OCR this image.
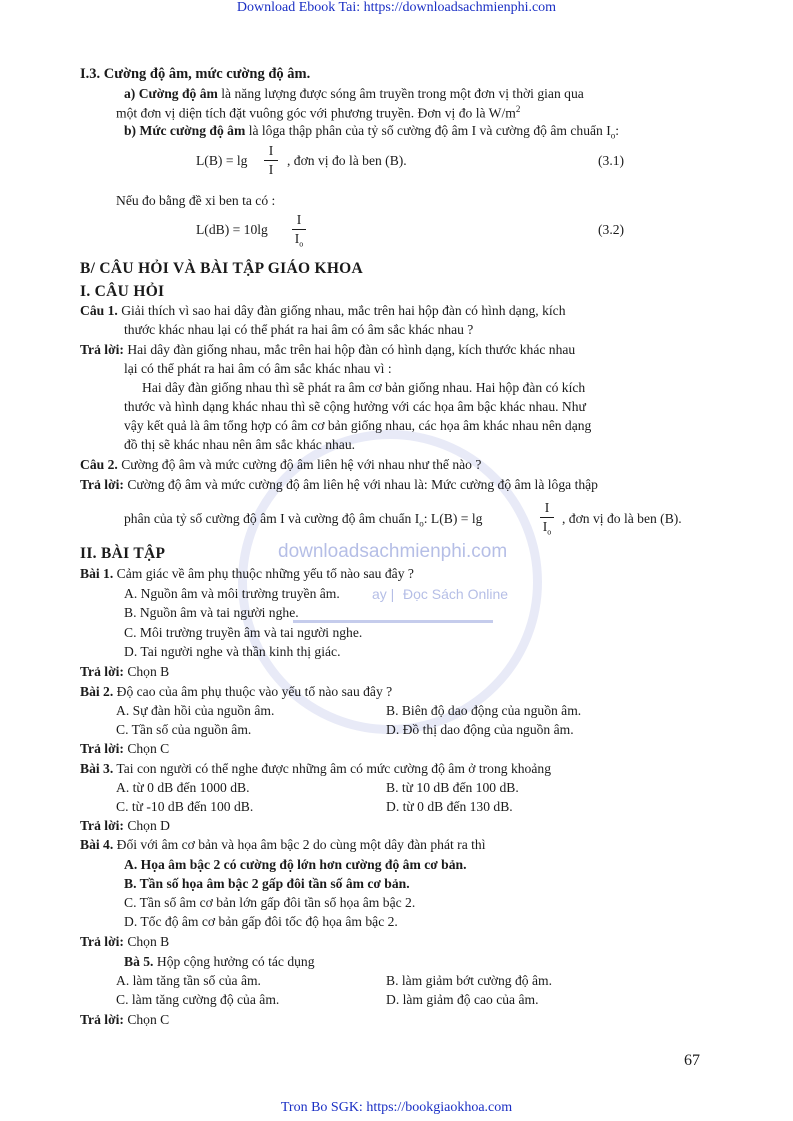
Download Ebook Tai: https://downloadsachmienphi.com
Tron Bo SGK: https://bookgiaokhoa.com
downloadsachmienphi.com
ay | Đọc Sách Online
I.3. Cường độ âm, mức cường độ âm.
a) Cường độ âm là năng lượng được sóng âm truyền trong một đơn vị thời gian qua
một đơn vị diện tích đặt vuông góc với phương truyền. Đơn vị đo là $W/m^2$
b) Mức cường độ âm là lôga thập phân của tỷ số cường độ âm I và cường độ âm chuẩn $I_o$:
L(B) = lg
I
I
, đơn vị đo là ben (B).	(3.1)
Nếu đo bằng đề xi ben ta có :
L(dB) = 10lg
I
$I_o$
(3.2)
B/ CÂU HỎI VÀ BÀI TẬP GIÁO KHOA
I. CÂU HỎI
Câu 1. Giải thích vì sao hai dây đàn giống nhau, mắc trên hai hộp đàn có hình dạng, kích
thước khác nhau lại có thể phát ra hai âm có âm sắc khác nhau ?
Trả lời: Hai dây đàn giống nhau, mắc trên hai hộp đàn có hình dạng, kích thước khác nhau
lại có thể phát ra hai âm có âm sắc khác nhau vì :
Hai dây đàn giống nhau thì sẽ phát ra âm cơ bản giống nhau. Hai hộp đàn có kích
thước và hình dạng khác nhau thì sẽ cộng hưởng với các họa âm bậc khác nhau. Như
vậy kết quả là âm tổng hợp có âm cơ bản giống nhau, các họa âm khác nhau nên dạng
đồ thị sẽ khác nhau nên âm sắc khác nhau.
Câu 2. Cường độ âm và mức cường độ âm liên hệ với nhau như thế nào ?
Trả lời: Cường độ âm và mức cường độ âm liên hệ với nhau là: Mức cường độ âm là lôga thập
phân của tỷ số cường độ âm I và cường độ âm chuẩn $I_o$: L(B) = lg
I
$I_o$
, đơn vị đo là ben (B).
II. BÀI TẬP
Bài 1. Cảm giác về âm phụ thuộc những yếu tố nào sau đây ?
A. Nguồn âm và môi trường truyền âm.
B. Nguồn âm và tai người nghe.
C. Môi trường truyền âm và tai người nghe.
D. Tai người nghe và thần kinh thị giác.
Trả lời: Chọn B
Bài 2. Độ cao của âm phụ thuộc vào yếu tố nào sau đây ?
A. Sự đàn hồi của nguồn âm.	B. Biên độ dao động của nguồn âm.
C. Tần số của nguồn âm.	D. Đồ thị dao động của nguồn âm.
Trả lời: Chọn C
Bài 3. Tai con người có thể nghe được những âm có mức cường độ âm ở trong khoảng
A. từ 0 dB đến 1000 dB.	B. từ 10 dB đến 100 dB.
C. từ -10 dB đến 100 dB.	D. từ 0 dB đến 130 dB.
Trả lời: Chọn D
Bài 4. Đối với âm cơ bản và họa âm bậc 2 do cùng một dây đàn phát ra thì
A. Họa âm bậc 2 có cường độ lớn hơn cường độ âm cơ bản.
B. Tần số họa âm bậc 2 gấp đôi tần số âm cơ bản.
C. Tần số âm cơ bản lớn gấp đôi tần số họa âm bậc 2.
D. Tốc độ âm cơ bản gấp đôi tốc độ họa âm bậc 2.
Trả lời: Chọn B
Bà 5. Hộp cộng hưởng có tác dụng
A. làm tăng tần số của âm.	B. làm giảm bớt cường độ âm.
C. làm tăng cường độ của âm.	D. làm giảm độ cao của âm.
Trả lời: Chọn C
67
